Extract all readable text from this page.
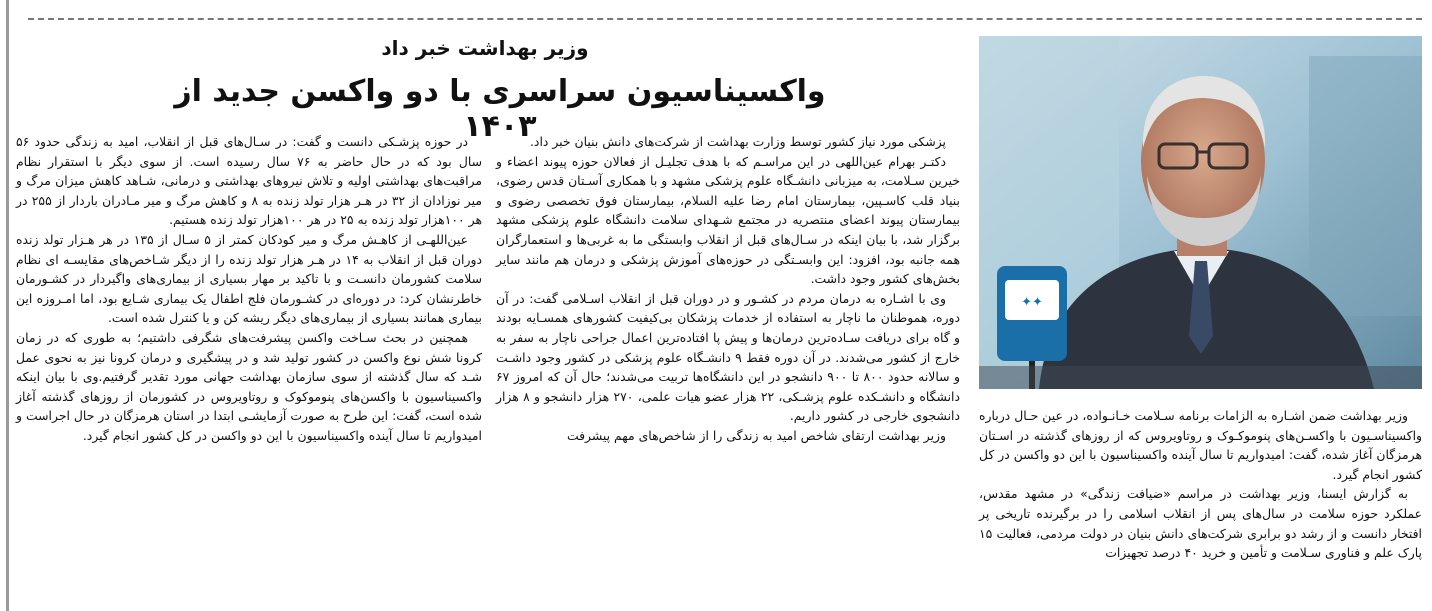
وزیر بهداشت خبر داد
واکسیناسیون سراسری با دو واکسن جدید از ۱۴۰۳
✦✦

وزیر بهداشت ضمن اشـاره به الزامات برنامه سـلامت خـانـواده، در عین حـال درباره واکسیناسـیون با واکسـن‌های پنوموکـوک و روتاویروس که از روزهای گذشته در اسـتان هرمزگان آغاز شده، گفت: امیدواریم تا سال آینده واکسیناسیون با این دو واکسن در کل کشور انجام گیرد.

به گزارش ایسنا، وزیر بهداشت در مراسم «ضیافت زندگی» در مشهد مقدس، عملکرد حوزه سلامت در سال‌های پس از انقلاب اسلامی را در برگیرنده تاریخی پر افتخار دانست و از رشد دو برابری شرکت‌های دانش بنیان در دولت مردمی، فعالیت ۱۵ پارک علم و فناوری سـلامت و تأمین و خرید ۴۰ درصد تجهیزات

پزشکی مورد نیاز کشور توسط وزارت بهداشت از شرکت‌های دانش بنیان خبر داد.

دکتـر بهرام عین‌اللهی در این مراسـم که با هدف تجلیـل از فعالان حوزه پیوند اعضاء و خیرین سـلامت، به میزبانی دانشـگاه علوم پزشکی مشهد و با همکاری آسـتان قدس رضوی، بنیاد قلب کاسـپین، بیمارستان امام رضا علیه السلام، بیمارستان فوق تخصصی رضوی و بیمارستان پیوند اعضای منتصریه در مجتمع شـهدای سلامت دانشگاه علوم پزشکی مشهد برگزار شد، با بیان اینکه در سـال‌های قبل از انقلاب وابستگی ما به غربی‌ها و استعمارگران همه جانبه بود، افزود: این وابسـتگی در حوزه‌های آموزش پزشکی و درمان هم مانند سایر بخش‌های کشور وجود داشت.

وی با اشـاره به درمان مردم در کشـور و در دوران قبل از انقلاب اسـلامی گفت: در آن دوره، هموطنان ما ناچار به استفاده از خدمات پزشکان بی‌کیفیت کشورهای همسـایه بودند و گاه برای دریافت سـاده‌ترین درمان‌ها و پیش پا افتاده‌ترین اعمال جراحی ناچار به سفر به خارج از کشور می‌شدند. در آن دوره فقط ۹ دانشـگاه علوم پزشکی در کشور وجود داشـت و سالانه حدود ۸۰۰ تا ۹۰۰ دانشجو در این دانشگاه‌ها تربیت می‌شدند؛ حال آن که امروز ۶۷ دانشگاه و دانشـکده علوم پزشـکی، ۲۲ هزار عضو هیات علمی، ۲۷۰ هزار دانشجو و ۸ هزار دانشجوی خارجی در کشور داریم.

وزیر بهداشت ارتقای شاخص امید به زندگی را از شاخص‌های مهم پیشرفت

در حوزه پزشـکی دانست و گفت: در سـال‌های قبل از انقلاب، امید به زندگی حدود ۵۶ سال بود که در حال حاضر به ۷۶ سال رسیده است. از سوی دیگر با استقرار نظام مراقبت‌های بهداشتی اولیه و تلاش نیروهای بهداشتی و درمانی، شـاهد کاهش میزان مرگ و میر نوزادان از ۳۲ در هـر هزار تولد زنده به ۸ و کاهش مرگ و میر مـادران باردار از ۲۵۵ در هر ۱۰۰هزار تولد زنده به ۲۵ در هر ۱۰۰هزار تولد زنده هستیم.

عین‌اللهـی از کاهـش مرگ و میر کودکان کمتر از ۵ سـال از ۱۳۵ در هر هـزار تولد زنده دوران قبل از انقلاب به ۱۴ در هـر هزار تولد زنده را از دیگر شـاخص‌های مقایسـه ای نظام سلامت کشورمان دانسـت و با تاکید بر مهار بسیاری از بیماری‌های واگیردار در کشـورمان خاطرنشان کرد: در دوره‌ای در کشـورمان فلج اطفال یک بیماری شـایع بود، اما امـروزه این بیماری همانند بسیاری از بیماری‌های دیگر ریشه کن و یا کنترل شده است.

همچنین در بحث سـاخت واکسن پیشرفت‌های شگرفی داشتیم؛ به طوری که در زمان کرونا شش نوع واکسن در کشور تولید شد و در پیشگیری و درمان کرونا نیز به نحوی عمل شـد که سال گذشته از سوی سازمان بهداشت جهانی مورد تقدیر گرفتیم.وی با بیان اینکه واکسیناسیون با واکسن‌های پنوموکوک و روتاویروس در کشورمان از روزهای گذشته آغاز شده است، گفت: این طرح به صورت آزمایشـی ابتدا در استان هرمزگان در حال اجراست و امیدواریم تا سال آینده واکسیناسیون با این دو واکسن در کل کشور انجام گیرد.
